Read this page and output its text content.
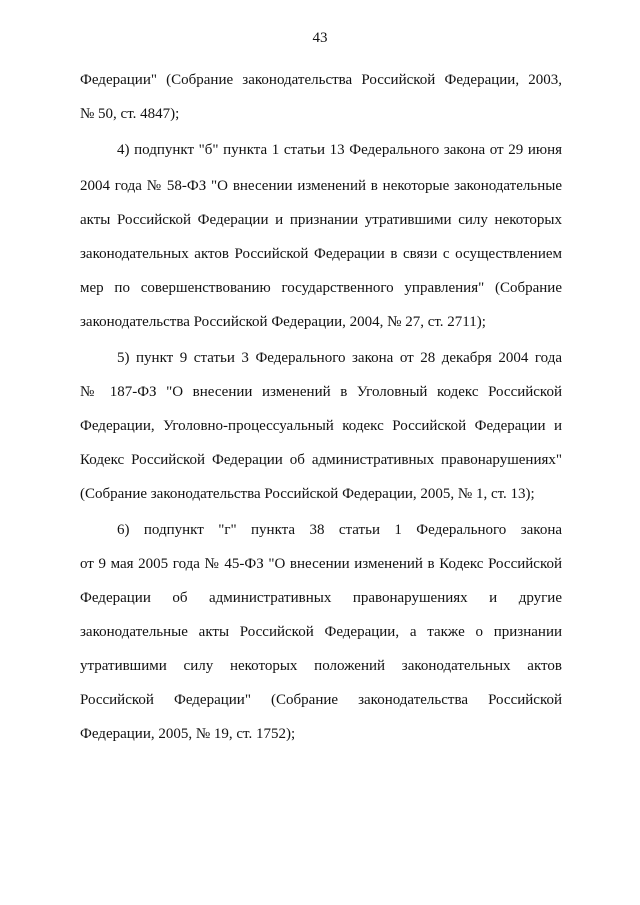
43
Федерации" (Собрание законодательства Российской Федерации, 2003,
№ 50, ст. 4847);
4) подпункт "б" пункта 1 статьи 13 Федерального закона от 29 июня
2004 года № 58-ФЗ "О внесении изменений в некоторые законодательные
акты Российской Федерации и признании утратившими силу некоторых
законодательных актов Российской Федерации в связи с осуществлением
мер по совершенствованию государственного управления" (Собрание
законодательства Российской Федерации, 2004, № 27, ст. 2711);
5) пункт 9 статьи 3 Федерального закона от 28 декабря 2004 года
№ 187-ФЗ "О внесении изменений в Уголовный кодекс Российской
Федерации, Уголовно-процессуальный кодекс Российской Федерации и
Кодекс Российской Федерации об административных правонарушениях"
(Собрание законодательства Российской Федерации, 2005, № 1, ст. 13);
6) подпункт "г" пункта 38 статьи 1 Федерального закона
от 9 мая 2005 года № 45-ФЗ "О внесении изменений в Кодекс Российской
Федерации об административных правонарушениях и другие
законодательные акты Российской Федерации, а также о признании
утратившими силу некоторых положений законодательных актов
Российской Федерации" (Собрание законодательства Российской
Федерации, 2005, № 19, ст. 1752);
